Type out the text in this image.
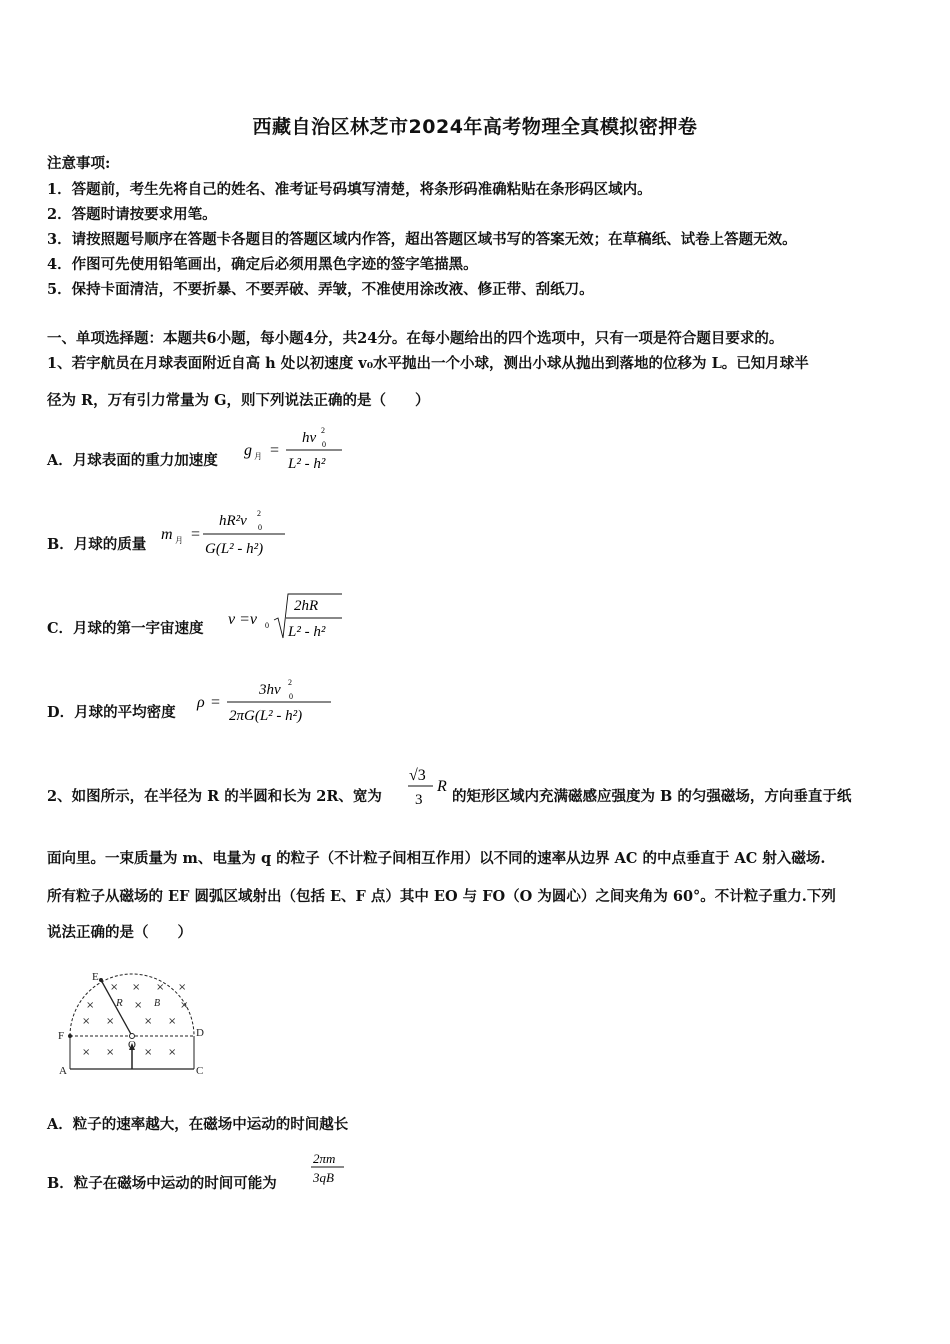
西藏自治区林芝市2024年高考物理全真模拟密押卷
注意事项:
1．答题前，考生先将自己的姓名、准考证号码填写清楚，将条形码准确粘贴在条形码区域内。
2．答题时请按要求用笔。
3．请按照题号顺序在答题卡各题目的答题区域内作答，超出答题区域书写的答案无效；在草稿纸、试卷上答题无效。
4．作图可先使用铅笔画出，确定后必须用黑色字迹的签字笔描黑。
5．保持卡面清洁，不要折暴、不要弄破、弄皱，不准使用涂改液、修正带、刮纸刀。
一、单项选择题：本题共6小题，每小题4分，共24分。在每小题给出的四个选项中，只有一项是符合题目要求的。
1、若宇航员在月球表面附近自高 h 处以初速度 v₀水平抛出一个小球，测出小球从抛出到落地的位移为 L。已知月球半
径为 R，万有引力常量为 G，则下列说法正确的是（　　）
A．月球表面的重力加速度
g 月 =
hv 2
0
L² - h²
B．月球的质量
m 月 =
hR²v 2
0
G(L² - h²)
C．月球的第一宇宙速度
v =v 0
2hR
L² - h²
D．月球的平均密度
ρ =
3hv 2
0
2πG(L² - h²)
2、如图所示，在半径为 R 的半圆和长为 2R、宽为
√3
3
R
的矩形区域内充满磁感应强度为 B 的匀强磁场，方向垂直于纸
面向里。一束质量为 m、电量为 q 的粒子（不计粒子间相互作用）以不同的速率从边界 AC 的中点垂直于 AC 射入磁场.
所有粒子从磁场的 EF 圆弧区域射出（包括 E、F 点）其中 EO 与 FO（O 为圆心）之间夹角为 60°。不计粒子重力.下列
说法正确的是（　　）
E
F	D
O
A	C
R	B
× × × ×
×	×	×
× ×	× ×
× ×	× ×
A．粒子的速率越大，在磁场中运动的时间越长
B．粒子在磁场中运动的时间可能为
2πm
3qB
